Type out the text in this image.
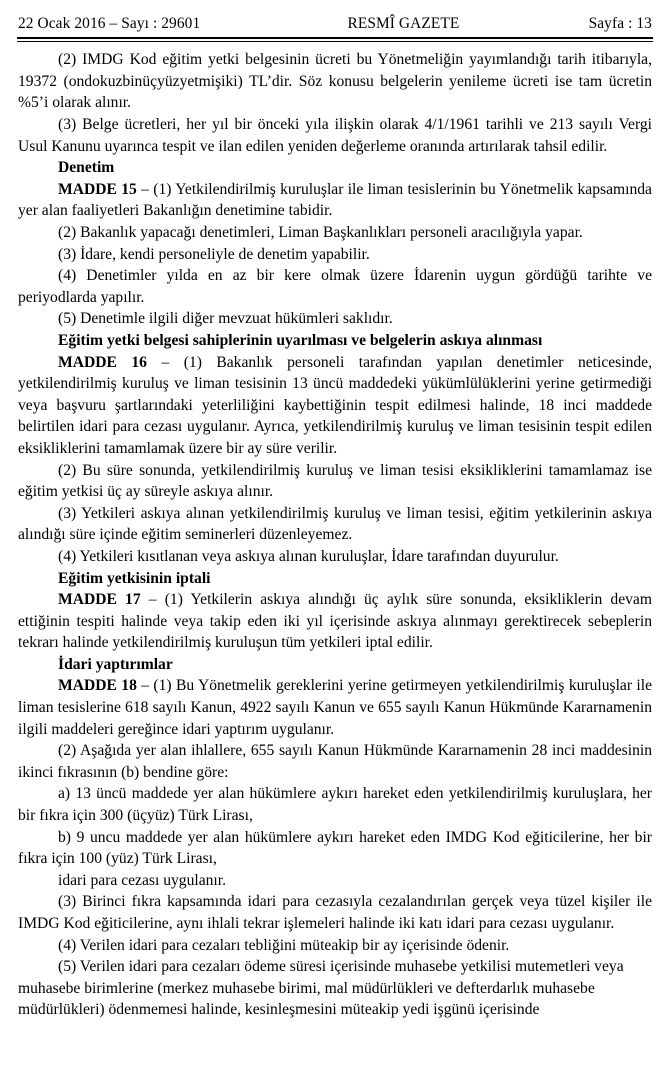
22 Ocak 2016 – Sayı : 29601	RESMÎ GAZETE	Sayfa : 13

(2) IMDG Kod eğitim yetki belgesinin ücreti bu Yönetmeliğin yayımlandığı tarih itibarıyla, 19372 (ondokuzbinüçyüzyetmişiki) TL’dir. Söz konusu belgelerin yenileme ücreti ise tam ücretin %5’i olarak alınır.

(3) Belge ücretleri, her yıl bir önceki yıla ilişkin olarak 4/1/1961 tarihli ve 213 sayılı Vergi Usul Kanunu uyarınca tespit ve ilan edilen yeniden değerleme oranında artırılarak tahsil edilir.

Denetim

MADDE 15 – (1) Yetkilendirilmiş kuruluşlar ile liman tesislerinin bu Yönetmelik kapsamında yer alan faaliyetleri Bakanlığın denetimine tabidir.

(2) Bakanlık yapacağı denetimleri, Liman Başkanlıkları personeli aracılığıyla yapar.

(3) İdare, kendi personeliyle de denetim yapabilir.

(4) Denetimler yılda en az bir kere olmak üzere İdarenin uygun gördüğü tarihte ve periyodlarda yapılır.

(5) Denetimle ilgili diğer mevzuat hükümleri saklıdır.

Eğitim yetki belgesi sahiplerinin uyarılması ve belgelerin askıya alınması

MADDE 16 – (1) Bakanlık personeli tarafından yapılan denetimler neticesinde, yetkilendirilmiş kuruluş ve liman tesisinin 13 üncü maddedeki yükümlülüklerini yerine getirmediği veya başvuru şartlarındaki yeterliliğini kaybettiğinin tespit edilmesi halinde, 18 inci maddede belirtilen idari para cezası uygulanır. Ayrıca, yetkilendirilmiş kuruluş ve liman tesisinin tespit edilen eksikliklerini tamamlamak üzere bir ay süre verilir.

(2) Bu süre sonunda, yetkilendirilmiş kuruluş ve liman tesisi eksikliklerini tamamlamaz ise eğitim yetkisi üç ay süreyle askıya alınır.

(3) Yetkileri askıya alınan yetkilendirilmiş kuruluş ve liman tesisi, eğitim yetkilerinin askıya alındığı süre içinde eğitim seminerleri düzenleyemez.

(4) Yetkileri kısıtlanan veya askıya alınan kuruluşlar, İdare tarafından duyurulur.

Eğitim yetkisinin iptali

MADDE 17 – (1) Yetkilerin askıya alındığı üç aylık süre sonunda, eksikliklerin devam ettiğinin tespiti halinde veya takip eden iki yıl içerisinde askıya alınmayı gerektirecek sebeplerin tekrarı halinde yetkilendirilmiş kuruluşun tüm yetkileri iptal edilir.

İdari yaptırımlar

MADDE 18 – (1) Bu Yönetmelik gereklerini yerine getirmeyen yetkilendirilmiş kuruluşlar ile liman tesislerine 618 sayılı Kanun, 4922 sayılı Kanun ve 655 sayılı Kanun Hükmünde Kararnamenin ilgili maddeleri gereğince idari yaptırım uygulanır.

(2) Aşağıda yer alan ihlallere, 655 sayılı Kanun Hükmünde Kararnamenin 28 inci maddesinin ikinci fıkrasının (b) bendine göre:

a) 13 üncü maddede yer alan hükümlere aykırı hareket eden yetkilendirilmiş kuruluşlara, her bir fıkra için 300 (üçyüz) Türk Lirası,

b) 9 uncu maddede yer alan hükümlere aykırı hareket eden IMDG Kod eğiticilerine, her bir fıkra için 100 (yüz) Türk Lirası,

idari para cezası uygulanır.

(3) Birinci fıkra kapsamında idari para cezasıyla cezalandırılan gerçek veya tüzel kişiler ile IMDG Kod eğiticilerine, aynı ihlali tekrar işlemeleri halinde iki katı idari para cezası uygulanır.

(4) Verilen idari para cezaları tebliğini müteakip bir ay içerisinde ödenir.

(5) Verilen idari para cezaları ödeme süresi içerisinde muhasebe yetkilisi mutemetleri veya muhasebe birimlerine (merkez muhasebe birimi, mal müdürlükleri ve defterdarlık muhasebe müdürlükleri) ödenmemesi halinde, kesinleşmesini müteakip yedi işgünü içerisinde
